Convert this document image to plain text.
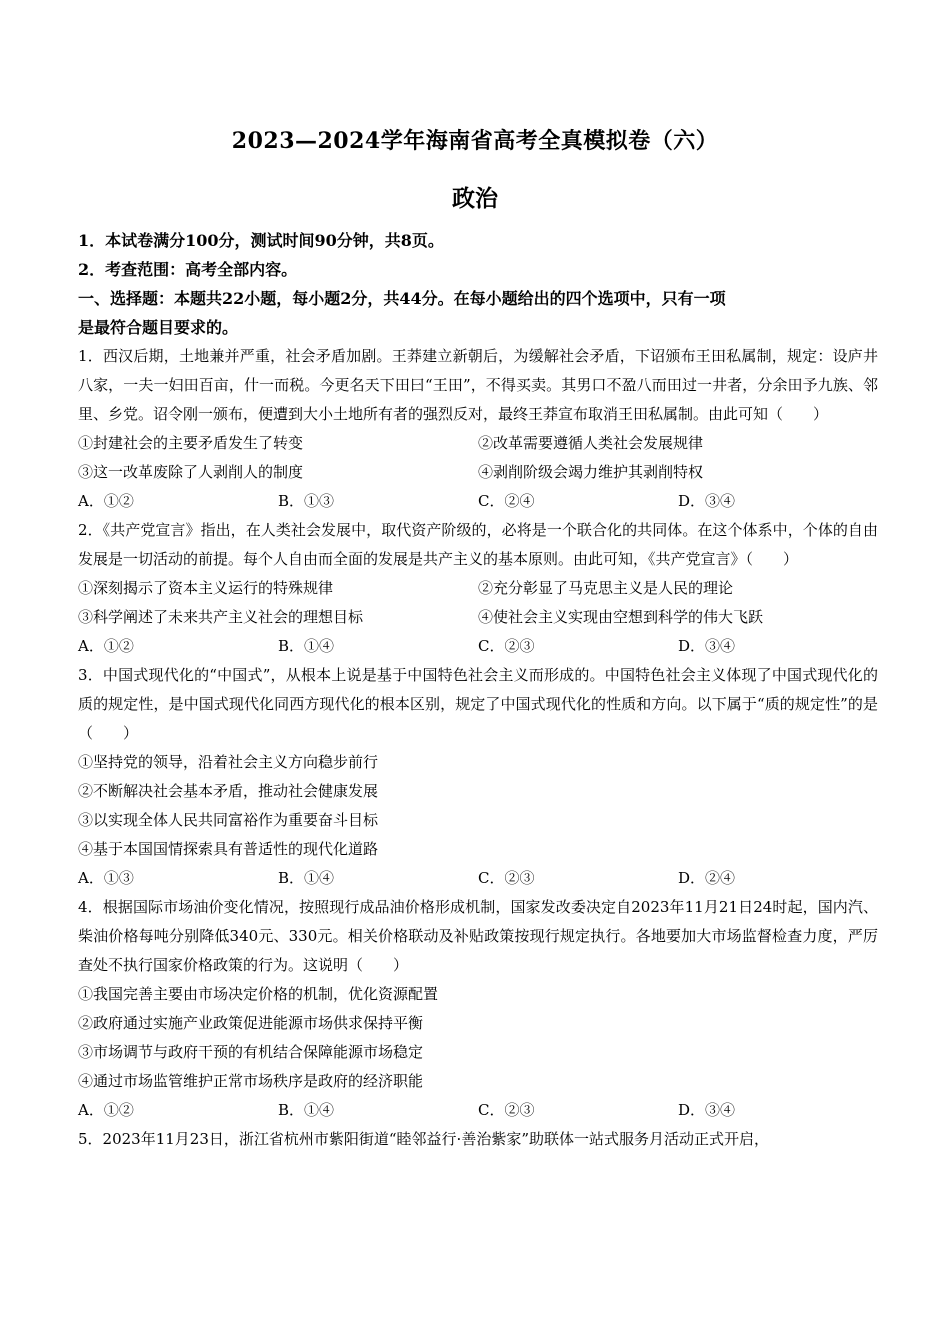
2023—2024学年海南省高考全真模拟卷（六）
政治
1．本试卷满分100分，测试时间90分钟，共8页。
2．考查范围：高考全部内容。
一、选择题：本题共22小题，每小题2分，共44分。在每小题给出的四个选项中，只有一项
是最符合题目要求的。
1．西汉后期，土地兼并严重，社会矛盾加剧。王莽建立新朝后，为缓解社会矛盾，下诏颁布王田私属制，规定：设庐井八家，一夫一妇田百亩，什一而税。今更名天下田曰“王田”，不得买卖。其男口不盈八而田过一井者，分余田予九族、邻里、乡党。诏令刚一颁布，便遭到大小土地所有者的强烈反对，最终王莽宣布取消王田私属制。由此可知（　　）
①封建社会的主要矛盾发生了转变	②改革需要遵循人类社会发展规律
③这一改革废除了人剥削人的制度	④剥削阶级会竭力维护其剥削特权
A．①②	B．①③	C．②④	D．③④
2．《共产党宣言》指出，在人类社会发展中，取代资产阶级的，必将是一个联合化的共同体。在这个体系中，个体的自由发展是一切活动的前提。每个人自由而全面的发展是共产主义的基本原则。由此可知，《共产党宣言》（　　）
①深刻揭示了资本主义运行的特殊规律	②充分彰显了马克思主义是人民的理论
③科学阐述了未来共产主义社会的理想目标	④使社会主义实现由空想到科学的伟大飞跃
A．①②	B．①④	C．②③	D．③④
3．中国式现代化的“中国式”，从根本上说是基于中国特色社会主义而形成的。中国特色社会主义体现了中国式现代化的质的规定性，是中国式现代化同西方现代化的根本区别，规定了中国式现代化的性质和方向。以下属于“质的规定性”的是（　　）
①坚持党的领导，沿着社会主义方向稳步前行
②不断解决社会基本矛盾，推动社会健康发展
③以实现全体人民共同富裕作为重要奋斗目标
④基于本国国情探索具有普适性的现代化道路
A．①③	B．①④	C．②③	D．②④
4．根据国际市场油价变化情况，按照现行成品油价格形成机制，国家发改委决定自2023年11月21日24时起，国内汽、柴油价格每吨分别降低340元、330元。相关价格联动及补贴政策按现行规定执行。各地要加大市场监督检查力度，严厉查处不执行国家价格政策的行为。这说明（　　）
①我国完善主要由市场决定价格的机制，优化资源配置
②政府通过实施产业政策促进能源市场供求保持平衡
③市场调节与政府干预的有机结合保障能源市场稳定
④通过市场监管维护正常市场秩序是政府的经济职能
A．①②	B．①④	C．②③	D．③④
5．2023年11月23日，浙江省杭州市紫阳街道“睦邻益行·善治紫家”助联体一站式服务月活动正式开启，
